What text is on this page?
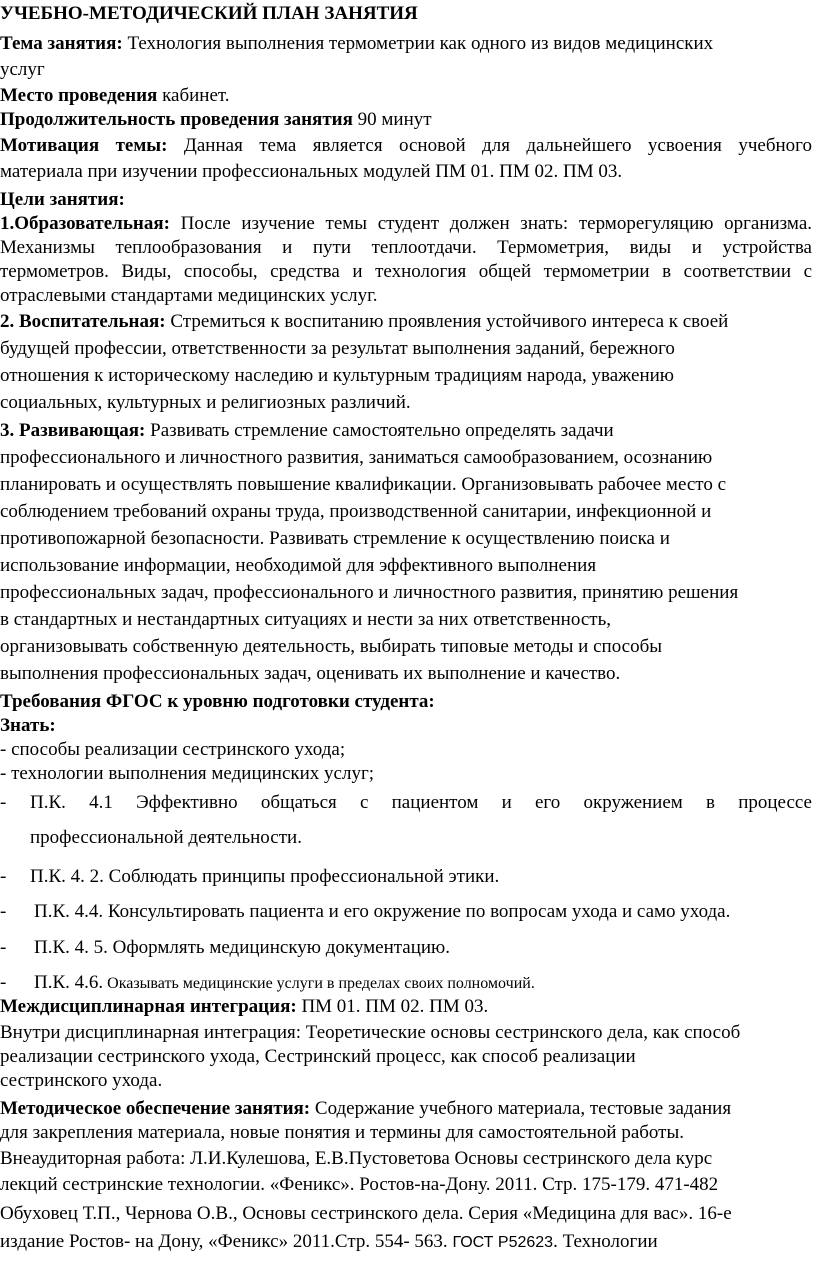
УЧЕБНО-МЕТОДИЧЕСКИЙ ПЛАН ЗАНЯТИЯ

Тема занятия: Технология выполнения термометрии как одного из видов медицинских

услуг

Место проведения кабинет.

Продолжительность проведения занятия 90 минут

Мотивация темы: Данная тема является основой для дальнейшего усвоения учебного

материала при изучении профессиональных модулей ПМ 01. ПМ 02. ПМ 03.

Цели занятия:

1.Образовательная: После изучение темы студент должен знать: терморегуляцию организма.

Механизмы теплообразования и пути теплоотдачи. Термометрия, виды и устройства

термометров. Виды, способы, средства и технология общей термометрии в соответствии с

отраслевыми стандартами медицинских услуг.

2. Воспитательная: Стремиться к воспитанию проявления устойчивого интереса к своей

будущей профессии, ответственности за результат выполнения заданий, бережного

отношения к историческому наследию и культурным традициям народа, уважению

социальных, культурных и религиозных различий.

3. Развивающая: Развивать стремление самостоятельно определять задачи

профессионального и личностного развития, заниматься самообразованием, осознанию

планировать и осуществлять повышение квалификации. Организовывать рабочее место с

соблюдением требований охраны труда, производственной санитарии, инфекционной и

противопожарной безопасности. Развивать стремление к осуществлению поиска и

использование информации, необходимой для эффективного выполнения

профессиональных задач, профессионального и личностного развития, принятию решения

в стандартных и нестандартных ситуациях и нести за них ответственность,

организовывать собственную деятельность, выбирать типовые методы и способы

выполнения профессиональных задач, оценивать их выполнение и качество.

Требования ФГОС к уровню подготовки студента:

Знать:

- способы реализации сестринского ухода;

- технологии выполнения медицинских услуг;

- П.К. 4.1 Эффективно общаться с пациентом и его окружением в процессе

профессиональной деятельности.

- П.К. 4. 2. Соблюдать принципы профессиональной этики.

- П.К. 4.4. Консультировать пациента и его окружение по вопросам ухода и само ухода.

- П.К. 4. 5. Оформлять медицинскую документацию.

- П.К. 4.6. Оказывать медицинские услуги в пределах своих полномочий.

Междисциплинарная интеграция: ПМ 01. ПМ 02. ПМ 03.

Внутри дисциплинарная интеграция: Теоретические основы сестринского дела, как способ

реализации сестринского ухода, Сестринский процесс, как способ реализации

сестринского ухода.

Методическое обеспечение занятия: Содержание учебного материала, тестовые задания

для закрепления материала, новые понятия и термины для самостоятельной работы.

Внеаудиторная работа: Л.И.Кулешова, Е.В.Пустоветова Основы сестринского дела курс

лекций сестринские технологии. «Феникс». Ростов-на-Дону. 2011. Стр. 175-179. 471-482

Обуховец Т.П., Чернова О.В., Основы сестринского дела. Серия «Медицина для вас». 16-е

издание Ростов- на Дону, «Феникс» 2011.Стр. 554- 563. ГОСТ Р52623. Технологии
